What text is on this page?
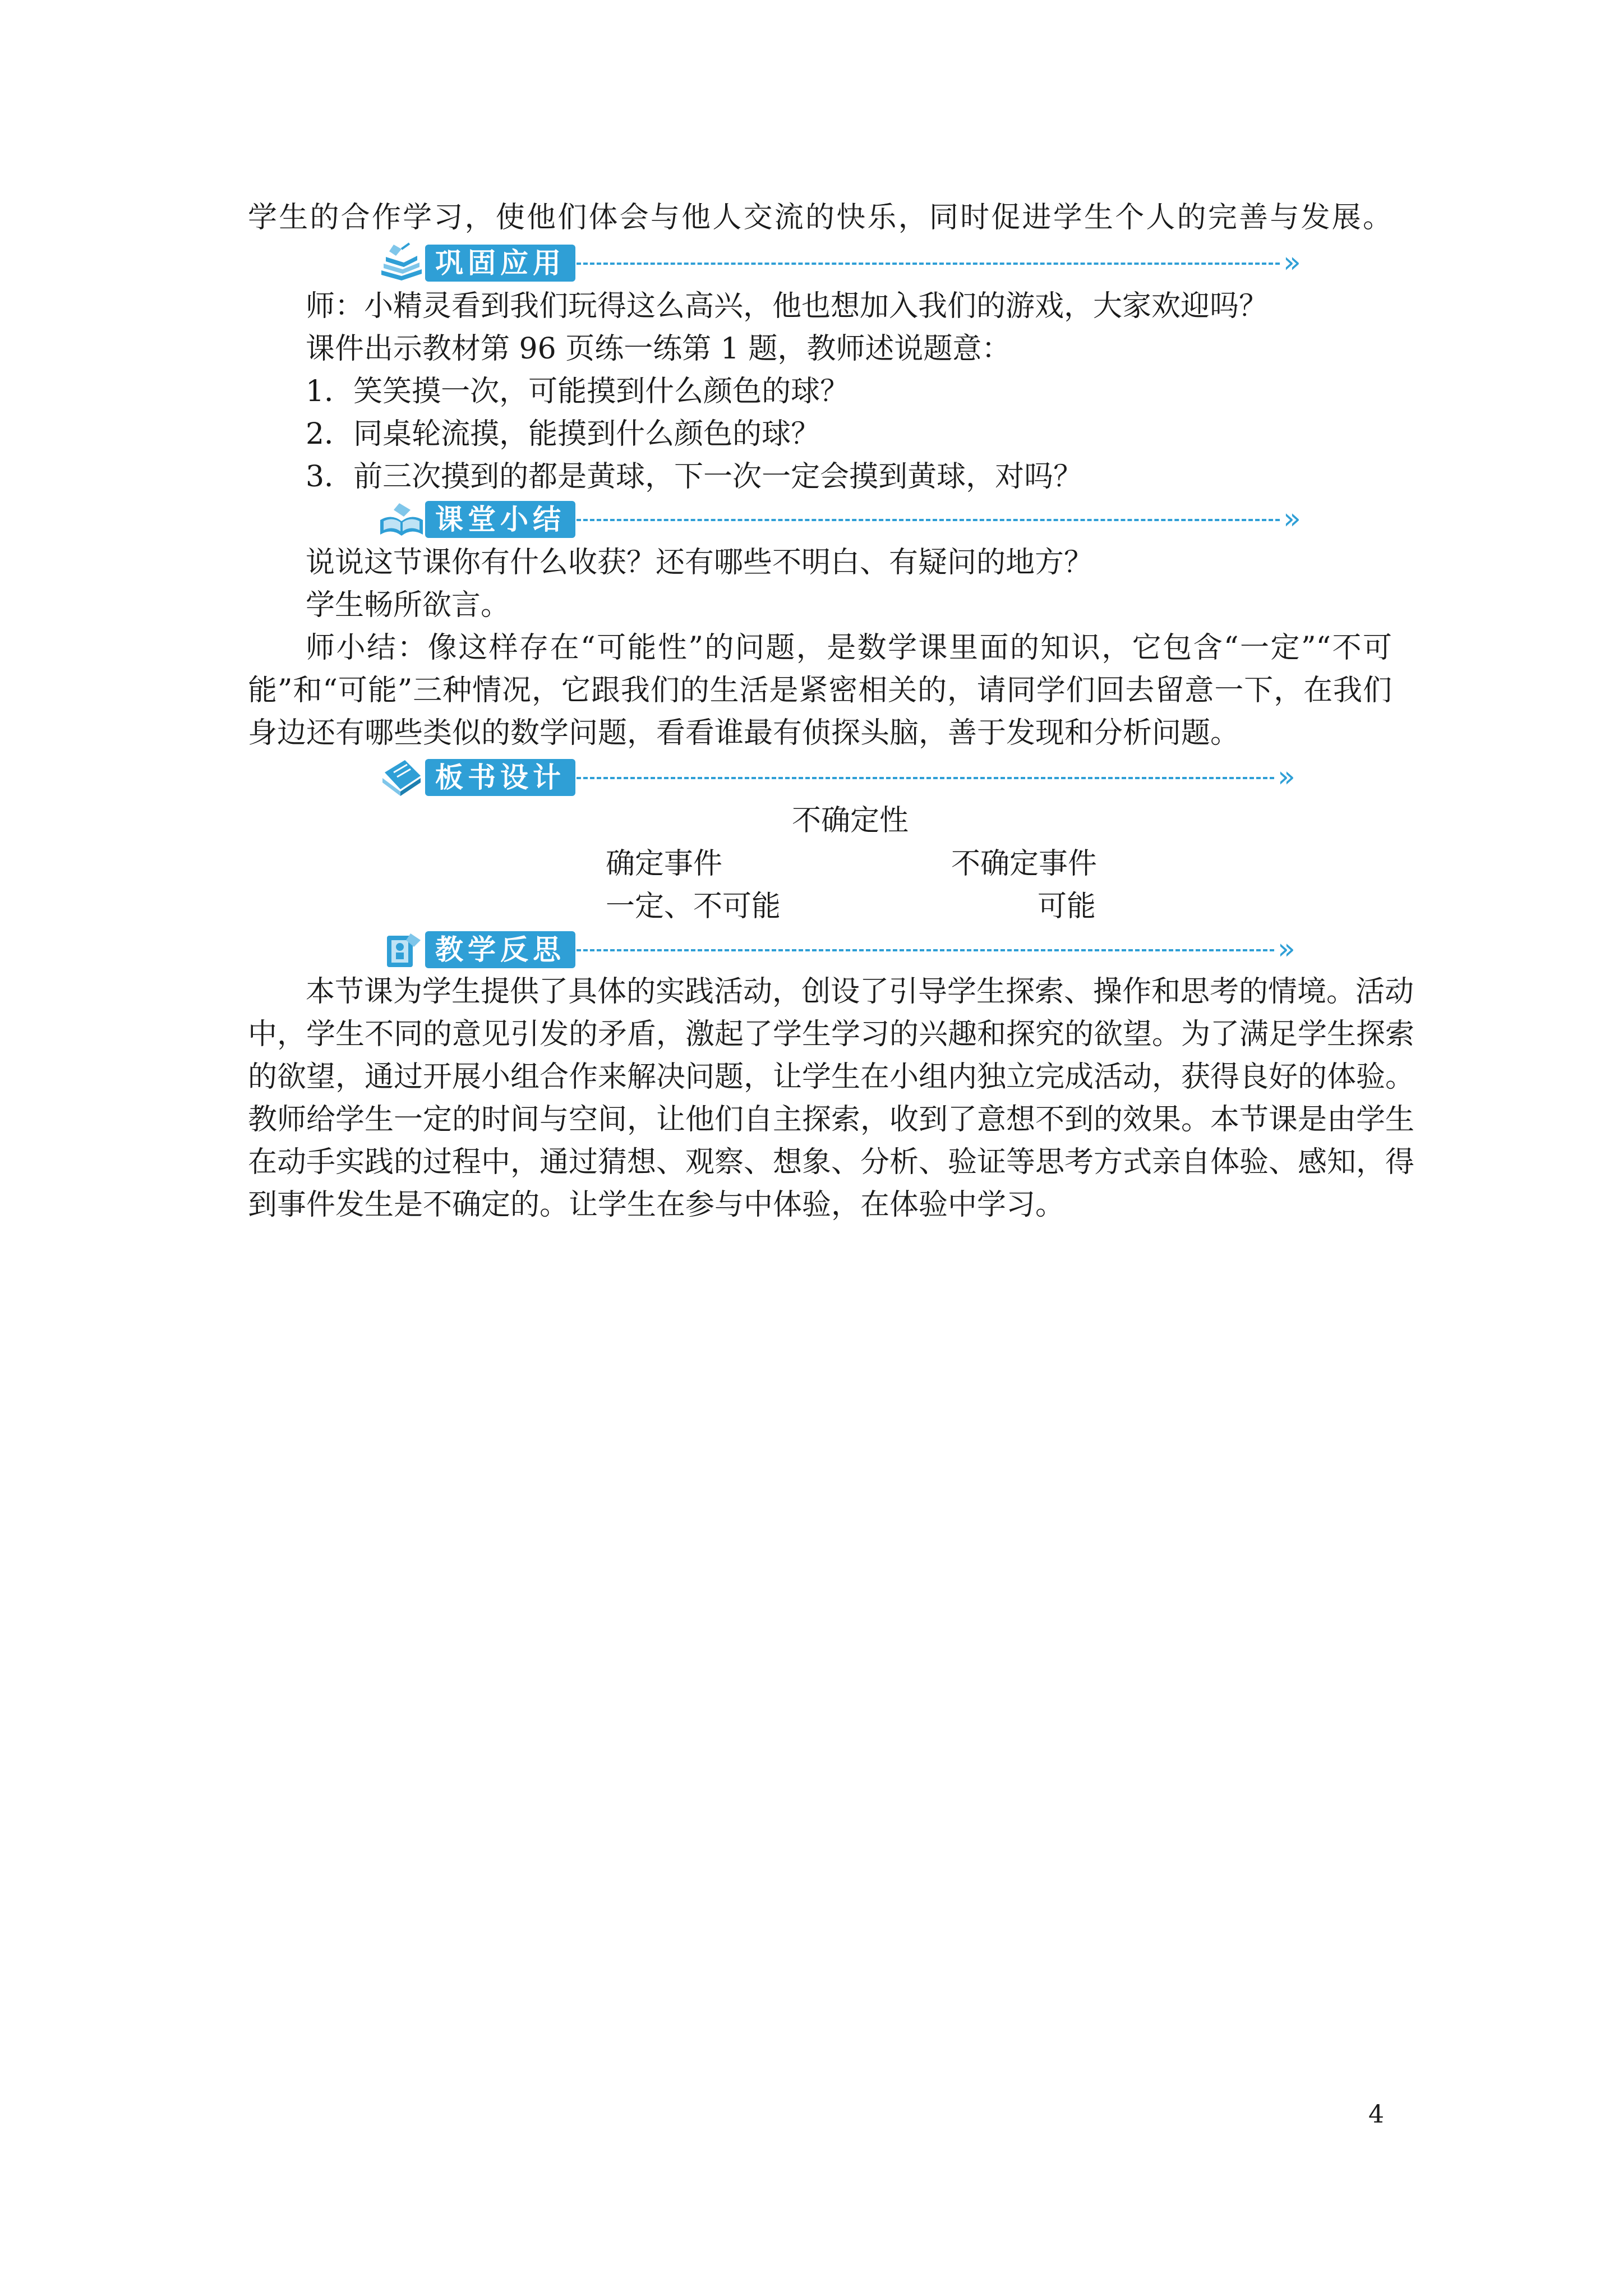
学生的合作学习，使他们体会与他人交流的快乐，同时促进学生个人的完善与发展。
巩固应用	»
师：小精灵看到我们玩得这么高兴，他也想加入我们的游戏，大家欢迎吗？
课件出示教材第 96 页练一练第 1 题，教师述说题意：
1．笑笑摸一次，可能摸到什么颜色的球？
2．同桌轮流摸，能摸到什么颜色的球？
3．前三次摸到的都是黄球，下一次一定会摸到黄球，对吗？
课堂小结	»
说说这节课你有什么收获？还有哪些不明白、有疑问的地方？
学生畅所欲言。
师小结：像这样存在“可能性”的问题，是数学课里面的知识，它包含“一定”“不可
能”和“可能”三种情况，它跟我们的生活是紧密相关的，请同学们回去留意一下，在我们
身边还有哪些类似的数学问题，看看谁最有侦探头脑，善于发现和分析问题。
板书设计	»
不确定性
确定事件	不确定事件
一定、不可能	可能
教学反思	»
本节课为学生提供了具体的实践活动，创设了引导学生探索、操作和思考的情境。活动
中，学生不同的意见引发的矛盾，激起了学生学习的兴趣和探究的欲望。为了满足学生探索
的欲望，通过开展小组合作来解决问题，让学生在小组内独立完成活动，获得良好的体验。
教师给学生一定的时间与空间，让他们自主探索，收到了意想不到的效果。本节课是由学生
在动手实践的过程中，通过猜想、观察、想象、分析、验证等思考方式亲自体验、感知，得
到事件发生是不确定的。让学生在参与中体验，在体验中学习。
4
